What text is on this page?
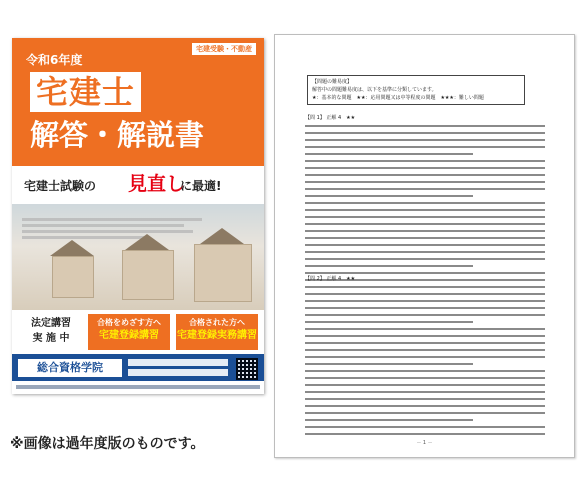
宅建受験・不動産
令和6年度
宅建士
解答・解説書
宅建士試験の 見直し
に最適!
法定講習
実 施 中
合格をめざす方へ
宅建登録講習
合格された方へ
宅建登録実務講習
総合資格学院
【問題の難易度】
解答中の問題難易度は、以下を基準に分類しています。
★：基本的な問題　★★：応用問題又は中等程度の問題　★★★：難しい問題
【問 1】 正解 4　★★
【問 2】 正解 4　★★
－ 1 －
※画像は過年度版のものです。
